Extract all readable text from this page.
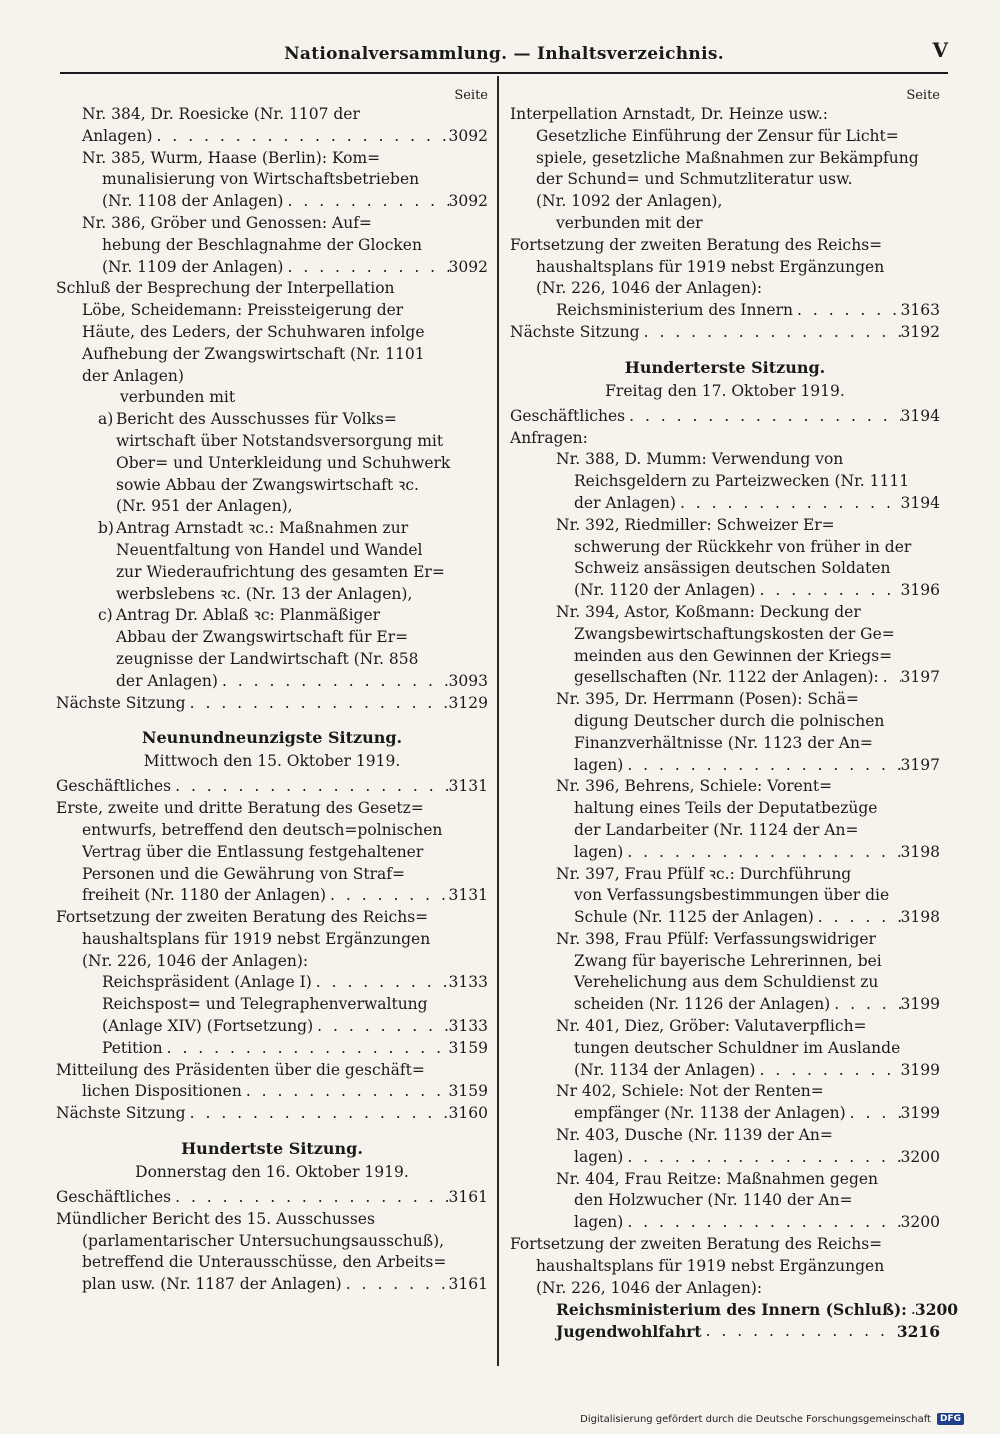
Nationalversammlung. — Inhaltsverzeichnis.	V
Seite
Nr. 384, Dr. Roesicke (Nr. 1107 der
Anlagen) . . .	3092
Nr. 385, Wurm, Haase (Berlin): Kom=
munalisierung von Wirtschaftsbetrieben
(Nr. 1108 der Anlagen) . . .	3092
Nr. 386, Gröber und Genossen: Auf=
hebung der Beschlagnahme der Glocken
(Nr. 1109 der Anlagen) . . .	3092
Schluß der Besprechung der Interpellation
Löbe, Scheidemann: Preissteigerung der
Häute, des Leders, der Schuhwaren infolge
Aufhebung der Zwangswirtschaft (Nr. 1101
der Anlagen)
verbunden mit
a) Bericht des Ausschusses für Volks=
wirtschaft über Notstandsversorgung mit
Ober= und Unterkleidung und Schuhwerk
sowie Abbau der Zwangswirtschaft ꝛc.
(Nr. 951 der Anlagen),
b) Antrag Arnstadt ꝛc.: Maßnahmen zur
Neuentfaltung von Handel und Wandel
zur Wiederaufrichtung des gesamten Er=
werbslebens ꝛc. (Nr. 13 der Anlagen),
c) Antrag Dr. Ablaß ꝛc: Planmäßiger
Abbau der Zwangswirtschaft für Er=
zeugnisse der Landwirtschaft (Nr. 858
der Anlagen) . . .	3093
Nächste Sitzung . . .	3129
Neunundneunzigste Sitzung.
Mittwoch den 15. Oktober 1919.
Geschäftliches . . .	3131
Erste, zweite und dritte Beratung des Gesetz=
entwurfs, betreffend den deutsch=polnischen
Vertrag über die Entlassung festgehaltener
Personen und die Gewährung von Straf=
freiheit (Nr. 1180 der Anlagen) . . .	3131
Fortsetzung der zweiten Beratung des Reichs=
haushaltsplans für 1919 nebst Ergänzungen
(Nr. 226, 1046 der Anlagen):
Reichspräsident (Anlage I) . . .	3133
Reichspost= und Telegraphenverwaltung
(Anlage XIV) (Fortsetzung) . . .	3133
Petition . . .	3159
Mitteilung des Präsidenten über die geschäft=
lichen Dispositionen . . .	3159
Nächste Sitzung . . .	3160
Hundertste Sitzung.
Donnerstag den 16. Oktober 1919.
Geschäftliches . . .	3161
Mündlicher Bericht des 15. Ausschusses
(parlamentarischer Untersuchungsausschuß),
betreffend die Unterausschüsse, den Arbeits=
plan usw. (Nr. 1187 der Anlagen) . . .	3161
Seite
Interpellation Arnstadt, Dr. Heinze usw.:
Gesetzliche Einführung der Zensur für Licht=
spiele, gesetzliche Maßnahmen zur Bekämpfung
der Schund= und Schmutzliteratur usw.
(Nr. 1092 der Anlagen),
verbunden mit der
Fortsetzung der zweiten Beratung des Reichs=
haushaltsplans für 1919 nebst Ergänzungen
(Nr. 226, 1046 der Anlagen):
Reichsministerium des Innern . . .	3163
Nächste Sitzung . . .	3192
Hunderterste Sitzung.
Freitag den 17. Oktober 1919.
Geschäftliches . . .	3194
Anfragen:
Nr. 388, D. Mumm: Verwendung von
Reichsgeldern zu Parteizwecken (Nr. 1111
der Anlagen) . . .	3194
Nr. 392, Riedmiller: Schweizer Er=
schwerung der Rückkehr von früher in der
Schweiz ansässigen deutschen Soldaten
(Nr. 1120 der Anlagen) . . .	3196
Nr. 394, Astor, Koßmann: Deckung der
Zwangsbewirtschaftungskosten der Ge=
meinden aus den Gewinnen der Kriegs=
gesellschaften (Nr. 1122 der Anlagen): . . . 3197
Nr. 395, Dr. Herrmann (Posen): Schä=
digung Deutscher durch die polnischen
Finanzverhältnisse (Nr. 1123 der An=
lagen) . . .	3197
Nr. 396, Behrens, Schiele: Vorent=
haltung eines Teils der Deputatbezüge
der Landarbeiter (Nr. 1124 der An=
lagen) . . .	3198
Nr. 397, Frau Pfülf ꝛc.: Durchführung
von Verfassungsbestimmungen über die
Schule (Nr. 1125 der Anlagen) . . .	3198
Nr. 398, Frau Pfülf: Verfassungswidriger
Zwang für bayerische Lehrerinnen, bei
Verehelichung aus dem Schuldienst zu
scheiden (Nr. 1126 der Anlagen) . . .	3199
Nr. 401, Diez, Gröber: Valutaverpflich=
tungen deutscher Schuldner im Auslande
(Nr. 1134 der Anlagen) . . .	3199
Nr 402, Schiele: Not der Renten=
empfänger (Nr. 1138 der Anlagen) . . .	3199
Nr. 403, Dusche (Nr. 1139 der An=
lagen) . . .	3200
Nr. 404, Frau Reitze: Maßnahmen gegen
den Holzwucher (Nr. 1140 der An=
lagen) . . .	3200
Fortsetzung der zweiten Beratung des Reichs=
haushaltsplans für 1919 nebst Ergänzungen
(Nr. 226, 1046 der Anlagen):
Reichsministerium des Innern (Schluß): . . . 3200
Jugendwohlfahrt . . .	3216
Digitalisierung gefördert durch die Deutsche Forschungsgemeinschaft	DFG
